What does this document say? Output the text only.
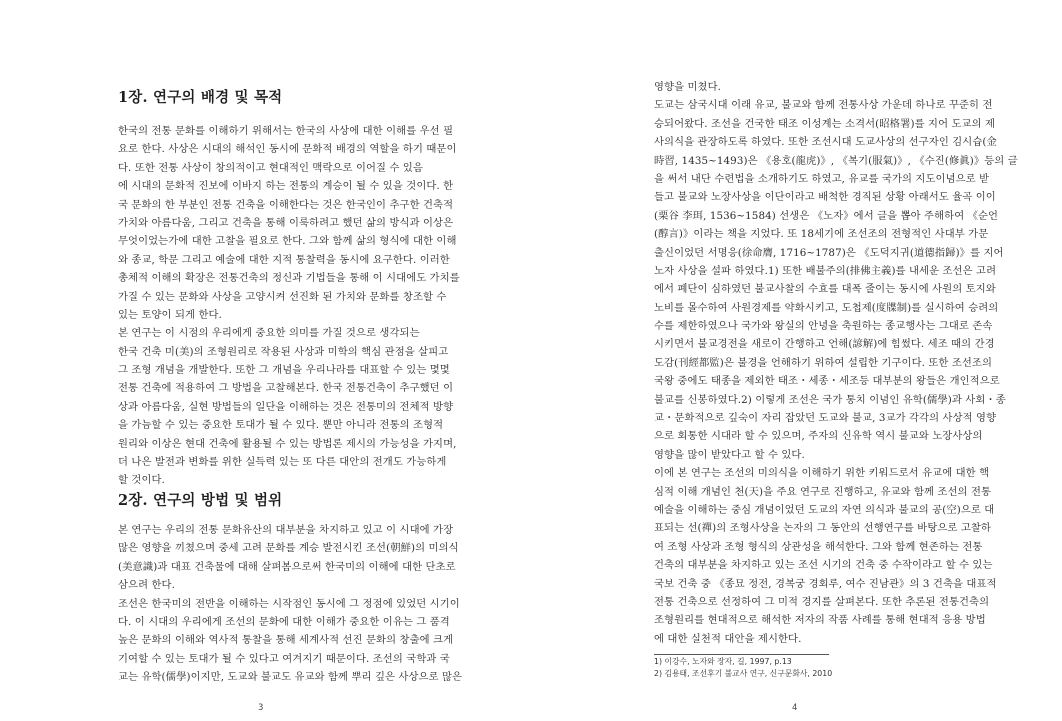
1장. 연구의 배경 및 목적
한국의 전통 문화를 이해하기 위해서는 한국의 사상에 대한 이해를 우선 필
요로 한다. 사상은 시대의 해석인 동시에 문화적 배경의 역할을 하기 때문이
다. 또한 전통 사상이 창의적이고 현대적인 맥락으로 이어질 수 있음
에 시대의 문화적 진보에 이바지 하는 전통의 계승이 될 수 있을 것이다. 한
국 문화의 한 부분인 전통 건축을 이해한다는 것은 한국인이 추구한 건축적
가치와 아름다움, 그리고 건축을 통해 이룩하려고 했던 삶의 방식과 이상은
무엇이었는가에 대한 고찰을 필요로 한다. 그와 함께 삶의 형식에 대한 이해
와 종교, 학문 그리고 예술에 대한 지적 통찰력을 동시에 요구한다. 이러한
총체적 이해의 확장은 전통건축의 정신과 기법들을 통해 이 시대에도 가치를
가질 수 있는 문화와 사상을 고양시켜 선진화 된 가치와 문화를 창조할 수
있는 토양이 되게 한다.
본 연구는 이 시점의 우리에게 중요한 의미를 가질 것으로 생각되는
한국 건축 미(美)의 조형원리로 작용된 사상과 미학의 핵심 관점을 살피고
그 조형 개념을 개발한다. 또한 그 개념을 우리나라를 대표할 수 있는 몇몇
전통 건축에 적용하여 그 방법을 고찰해본다. 한국 전통건축이 추구했던 이
상과 아름다움, 실현 방법들의 일단을 이해하는 것은 전통미의 전체적 방향
을 가늠할 수 있는 중요한 토대가 될 수 있다. 뿐만 아니라 전통의 조형적
원리와 이상은 현대 건축에 활용될 수 있는 방법론 제시의 가능성을 가지며,
더 나은 발전과 변화를 위한 실득력 있는 또 다른 대안의 전개도 가능하게
할 것이다.
2장. 연구의 방법 및 범위
본 연구는 우리의 전통 문화유산의 대부분을 차지하고 있고 이 시대에 가장
많은 영향을 끼쳤으며 중세 고려 문화를 계승 발전시킨 조선(朝鮮)의 미의식
(美意識)과 대표 건축물에 대해 살펴봄으로써 한국미의 이해에 대한 단초로
삼으려 한다.
조선은 한국미의 전반을 이해하는 시작점인 동시에 그 정점에 있었던 시기이
다. 이 시대의 우리에게 조선의 문화에 대한 이해가 중요한 이유는 그 품격
높은 문화의 이해와 역사적 통찰을 통해 세계사적 선진 문화의 창출에 크게
기여할 수 있는 토대가 될 수 있다고 여겨지기 때문이다. 조선의 국학과 국
교는 유학(儒學)이지만, 도교와 불교도 유교와 함께 뿌리 깊은 사상으로 많은
3
영향을 미쳤다.
도교는 삼국시대 이래 유교, 불교와 함께 전통사상 가운데 하나로 꾸준히 전
승되어왔다. 조선을 건국한 태조 이성계는 소격서(昭格署)를 지어 도교의 제
사의식을 관장하도록 하였다. 또한 조선시대 도교사상의 선구자인 김시습(金
時習, 1435~1493)은 《용호(龍虎)》, 《복기(服氣)》, 《수진(修眞)》등의 글
을 써서 내단 수련법을 소개하기도 하였고, 유교를 국가의 지도이념으로 받
들고 불교와 노장사상을 이단이라고 배척한 경직된 상황 아래서도 율곡 이이
(栗谷 李珥, 1536~1584) 선생은 《노자》에서 글을 뽑아 주해하여 《순언
(醇言)》이라는 책을 지었다. 또 18세기에 조선조의 전형적인 사대부 가문
출신이었던 서명응(徐命膺, 1716~1787)은 《도덕지귀(道德指歸)》를 지어
노자 사상을 설파 하였다.1) 또한 배불주의(排佛主義)를 내세운 조선은 고려
에서 폐단이 심하였던 불교사찰의 수효를 대폭 줄이는 동시에 사원의 토지와
노비를 몰수하여 사원경제를 약화시키고, 도첩제(度牒制)를 실시하여 승려의
수를 제한하였으나 국가와 왕실의 안녕을 축원하는 종교행사는 그대로 존속
시키면서 불교경전을 새로이 간행하고 언해(諺解)에 힘썼다. 세조 때의 간경
도감(刊經都監)은 불경을 언해하기 위하여 설립한 기구이다. 또한 조선조의
국왕 중에도 태종을 제외한 태조・세종・세조등 대부분의 왕들은 개인적으로
불교를 신봉하였다.2) 이렇게 조선은 국가 통치 이념인 유학(儒學)과 사회・종
교・문화적으로 깊숙이 자리 잡았던 도교와 불교, 3교가 각각의 사상적 영향
으로 회통한 시대라 할 수 있으며, 주자의 신유학 역시 불교와 노장사상의
영향을 많이 받았다고 할 수 있다.
이에 본 연구는 조선의 미의식을 이해하기 위한 키워드로서 유교에 대한 핵
심적 이해 개념인 천(天)을 주요 연구로 진행하고, 유교와 함께 조선의 전통
예술을 이해하는 중심 개념이었던 도교의 자연 의식과 불교의 공(空)으로 대
표되는 선(禪)의 조형사상을 논자의 그 동안의 선행연구를 바탕으로 고찰하
여 조형 사상과 조형 형식의 상관성을 해석한다. 그와 함께 현존하는 전통
건축의 대부분을 차지하고 있는 조선 시기의 건축 중 수작이라고 할 수 있는
국보 건축 중 《종묘 정전, 경복궁 경회루, 여수 진남관》의 3 건축을 대표적
전통 건축으로 선정하여 그 미적 경지를 살펴본다. 또한 추론된 전통건축의
조형원리를 현대적으로 해석한 저자의 작품 사례를 통해 현대적 응용 방법
에 대한 실천적 대안을 제시한다.
1) 이강수, 노자와 장자, 길, 1997, p.13
2) 김용태, 조선후기 불교사 연구, 신구문화사, 2010
4
